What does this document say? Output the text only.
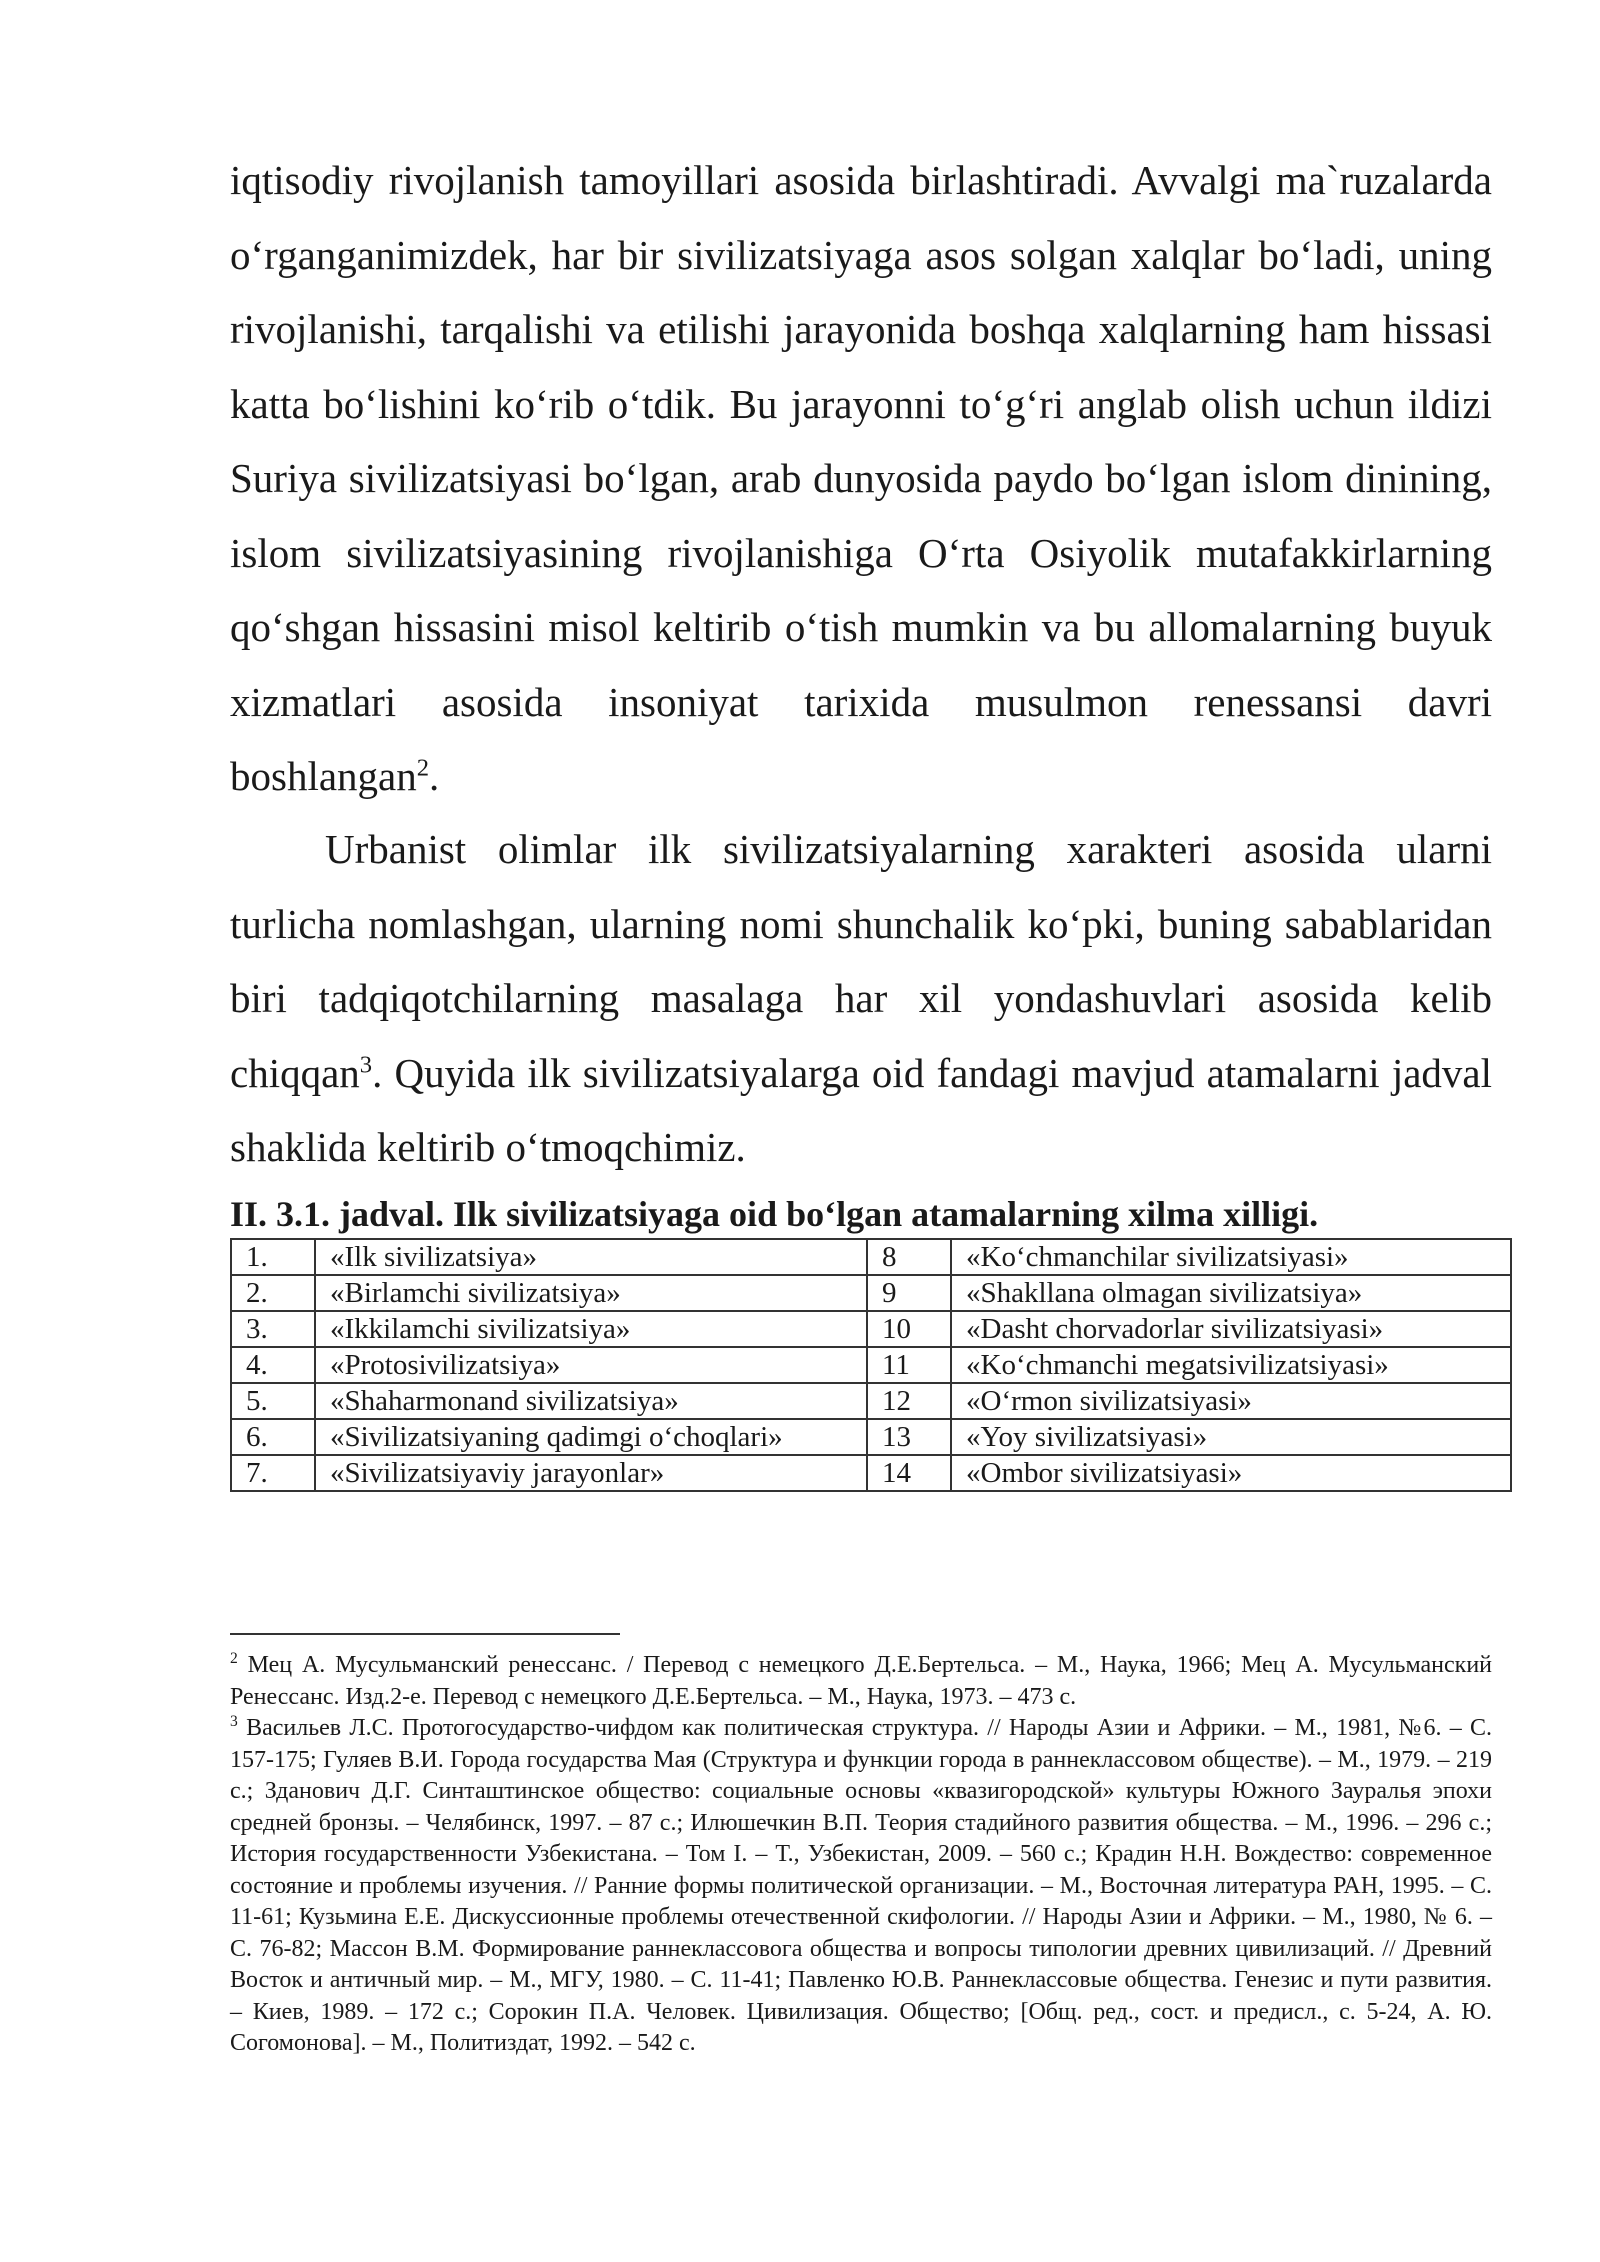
iqtisodiy rivojlanish tamoyillari asosida birlashtiradi. Avvalgi ma`ruzalarda o‘rganganimizdek, har bir sivilizatsiyaga asos solgan xalqlar bo‘ladi, uning rivojlanishi, tarqalishi va etilishi jarayonida boshqa xalqlarning ham hissasi katta bo‘lishini ko‘rib o‘tdik. Bu jarayonni to‘g‘ri anglab olish uchun ildizi Suriya sivilizatsiyasi bo‘lgan, arab dunyosida paydo bo‘lgan islom dinining, islom sivilizatsiyasining rivojlanishiga O‘rta Osiyolik mutafakkirlarning qo‘shgan hissasini misol keltirib o‘tish mumkin va bu allomalarning buyuk xizmatlari asosida insoniyat tarixida musulmon renessansi davri boshlangan$^2$.

Urbanist olimlar ilk sivilizatsiyalarning xarakteri asosida ularni turlicha nomlashgan, ularning nomi shunchalik ko‘pki, buning sabablaridan biri tadqiqotchilarning masalaga har xil yondashuvlari asosida kelib chiqqan$^3$. Quyida ilk sivilizatsiyalarga oid fandagi mavjud atamalarni jadval shaklida keltirib o‘tmoqchimiz.

II. 3.1. jadval. Ilk sivilizatsiyaga oid bo‘lgan atamalarning xilma xilligi.

1.	«Ilk sivilizatsiya»	8	«Ko‘chmanchilar sivilizatsiyasi»
2.	«Birlamchi sivilizatsiya»	9	«Shakllana olmagan sivilizatsiya»
3.	«Ikkilamchi sivilizatsiya»	10	«Dasht chorvadorlar sivilizatsiyasi»
4.	«Protosivilizatsiya»	11	«Ko‘chmanchi megatsivilizatsiyasi»
5.	«Shaharmonand sivilizatsiya»	12	«O‘rmon sivilizatsiyasi»
6.	«Sivilizatsiyaning qadimgi o‘choqlari»	13	«Yoy sivilizatsiyasi»
7.	«Sivilizatsiyaviy jarayonlar»	14	«Ombor sivilizatsiyasi»

$^2$ Мец А. Мусульманский ренессанс. / Перевод с немецкого Д.Е.Бертельса. – М., Наука, 1966; Мец А. Мусульманский Ренессанс. Изд.2-е. Перевод с немецкого Д.Е.Бертельса. – М., Наука, 1973. – 473 с.

$^3$ Васильев Л.С. Протогосударство-чифдом как политическая структура. // Народы Азии и Африки. – М., 1981, №6. – С. 157-175; Гуляев В.И. Города государства Мая (Структура и функции города в раннеклассовом обществе). – М., 1979. – 219 с.; Зданович Д.Г. Синташтинское общество: социальные основы «квазигородской» культуры Южного Зауралья эпохи средней бронзы. – Челябинск, 1997. – 87 с.; Илюшечкин В.П. Теория стадийного развития общества. – М., 1996. – 296 с.; История государственности Узбекистана. – Том I. – Т., Узбекистан, 2009. – 560 с.; Крадин Н.Н. Вождество: современное состояние и проблемы изучения. // Ранние формы политической организации. – М., Восточная литература РАН, 1995. – С. 11-61; Кузьмина Е.Е. Дискуссионные проблемы отечественной скифологии. // Народы Азии и Африки. – М., 1980, № 6. – С. 76-82; Массон В.М. Формирование раннеклассовога общества и вопросы типологии древних цивилизаций. // Древний Восток и античный мир. – М., МГУ, 1980. – С. 11-41; Павленко Ю.В. Раннеклассовые общества. Генезис и пути развития. – Киев, 1989. – 172 с.; Сорокин П.А. Человек. Цивилизация. Общество; [Общ. ред., сост. и предисл., с. 5-24, А. Ю. Согомонова]. – М., Политиздат, 1992. – 542 с.
